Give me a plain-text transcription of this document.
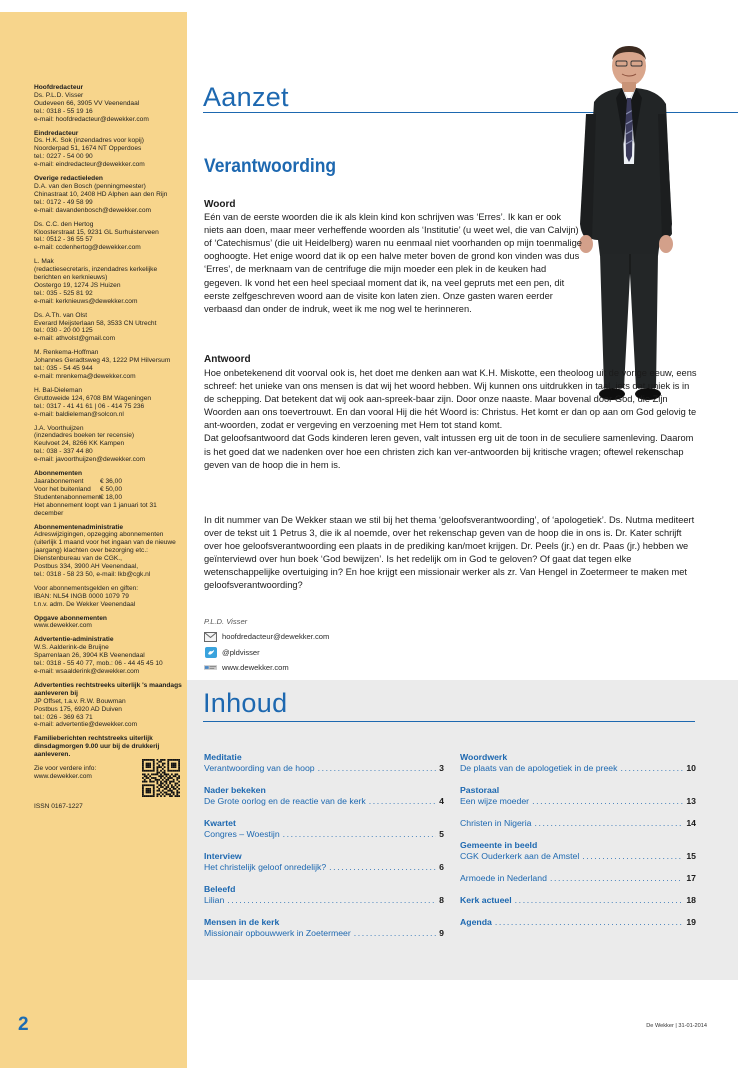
Hoofdredacteur
Ds. P.L.D. Visser
Oudeveen 66, 3905 VV Veenendaal
tel.: 0318 - 55 19 16
e-mail: hoofdredacteur@dewekker.com
Eindredacteur
Ds. H.K. Sok (inzendadres voor kopij)
Noorderpad 51, 1674 NT Opperdoes
tel.: 0227 - 54 00 90
e-mail: eindredacteur@dewekker.com
Overige redactieleden
D.A. van den Bosch (penningmeester)
Chinastraat 10, 2408 HD Alphen aan den Rijn
tel.: 0172 - 49 58 99
e-mail: davandenbosch@dewekker.com
Ds. C.C. den Hertog
Kloosterstraat 15, 9231 GL Surhuisterveen
tel.: 0512 - 36 55 57
e-mail: ccdenhertog@dewekker.com
L. Mak
(redactiesecretaris, inzendadres kerkelijke berichten en kerknieuws)
Oostergo 19, 1274 JS Huizen
tel.: 035 - 525 81 92
e-mail: kerknieuws@dewekker.com
Ds. A.Th. van Olst
Everard Meijsterlaan 58, 3533 CN Utrecht
tel.: 030 - 20 00 125
e-mail: athvolst@gmail.com
M. Renkema-Hoffman
Johannes Geradtsweg 43, 1222 PM Hilversum
tel.: 035 - 54 45 944
e-mail: mrenkema@dewekker.com
H. Bal-Dieleman
Gruttoweide 124, 6708 BM Wageningen
tel.: 0317 - 41 41 61 | 06 - 414 75 236
e-mail: baldieleman@solcon.nl
J.A. Voorthuijzen
(inzendadres boeken ter recensie)
Keulvoet 24, 8266 KK Kampen
tel.: 038 - 337 44 80
e-mail: javoorthuijzen@dewekker.com
Abonnementen
Jaarabonnement	€ 36,00
Voor het buitenland	€ 50,00
Studentenabonnement € 18,00
Het abonnement loopt van 1 januari tot 31 december
Abonnementenadministratie
Adreswijzigingen, opzegging abonnementen (uiterlijk 1 maand voor het ingaan van de nieuwe jaargang) klachten over bezorging etc.:
Dienstenbureau van de CGK.,
Postbus 334, 3900 AH Veenendaal,
tel.: 0318 - 58 23 50, e-mail: lkb@cgk.nl
Voor abonnementsgelden en giften:
IBAN: NL54 INGB 0000 1079 79
t.n.v. adm. De Wekker Veenendaal
Opgave abonnementen
www.dewekker.com
Advertentie-administratie
W.S. Aalderink-de Bruijne
Sparrenlaan 26, 3904 KB Veenendaal
tel.: 0318 - 55 40 77, mob.: 06 - 44 45 45 10
e-mail: wsaalderink@dewekker.com
Advertenties rechtstreeks uiterlijk 's maandags aanleveren bij
JP Offset, t.a.v. R.W. Bouwman
Postbus 175, 6920 AD Duiven
tel.: 026 - 369 63 71
e-mail: advertentie@dewekker.com
Familieberichten rechtstreeks uiterlijk dinsdagmorgen 9.00 uur bij de drukkerij aanleveren.
Zie voor verdere info:
www.dewekker.com
ISSN 0167-1227
2
Aanzet
Verantwoording

Woord

Eén van de eerste woorden die ik als klein kind kon schrijven was ‘Erres’. Ik kan er ook niets aan doen, maar meer verheffende woorden als ‘Institutie’ (u weet wel, die van Calvijn) of ‘Catechismus’ (die uit Heidelberg) waren nu eenmaal niet voorhanden op mijn toenmalige ooghoogte. Het enige woord dat ik op een halve meter boven de grond kon vinden was dus ‘Erres’, de merknaam van de centrifuge die mijn moeder een plek in de keuken had gegeven. Ik vond het een heel speciaal moment dat ik, na veel gepruts met een pen, dit eerste zelfgeschreven woord aan de visite kon laten zien. Onze gasten waren eerder verbaasd dan onder de indruk, weet ik me nog wel te herinneren.

Antwoord

Hoe onbetekenend dit voorval ook is, het doet me denken aan wat K.H. Miskotte, een theoloog uit de vorige eeuw, eens schreef: het unieke van ons mensen is dat wij het woord hebben. Wij kunnen ons uitdrukken in taal, iets dat uniek is in de schepping. Dat betekent dat wij ook aan-spreek-baar zijn. Door onze naaste. Maar bovenal door God, die Zijn Woorden aan ons toevertrouwt. En dan vooral Hij die hét Woord is: Christus. Het komt er dan op aan om God gelovig te ant-woorden, zodat er vergeving en verzoening met Hem tot stand komt.

Dat geloofsantwoord dat Gods kinderen leren geven, valt intussen erg uit de toon in de seculiere samenleving. Daarom is het goed dat we nadenken over hoe een christen zich kan ver-antwoorden bij kritische vragen; oftewel rekenschap geven van de hoop die in hem is.

In dit nummer van De Wekker staan we stil bij het thema ‘geloofsverantwoording’, of ‘apologetiek’. Ds. Nutma mediteert over de tekst uit 1 Petrus 3, die ik al noemde, over het rekenschap geven van de hoop die in ons is. Dr. Kater schrijft over hoe geloofsverantwoording een plaats in de prediking kan/moet krijgen. Dr. Peels (jr.) en dr. Paas (jr.) hebben we geïnterviewd over hun boek ‘God bewijzen’. Is het redelijk om in God te geloven? Of gaat dat tegen elke wetenschappelijke overtuiging in? En hoe krijgt een missionair werker als zr. Van Hengel in Zoetermeer te maken met geloofsverantwoording?

P.L.D. Visser
hoofdredacteur@dewekker.com
@pldvisser
www.dewekker.com
Inhoud
Meditatie
Verantwoording van de hoop .....	3
Nader bekeken
De Grote oorlog en de reactie van de kerk .....	4
Kwartet
Congres – Woestijn .....	5
Interview
Het christelijk geloof onredelijk? .....	6
Beleefd
Lilian .....	8
Mensen in de kerk
Missionair opbouwwerk in Zoetermeer .....	9
Woordwerk
De plaats van de apologetiek in de preek .....	10
Pastoraal
Een wijze moeder .....	13
Christen in Nigeria .....	14
Gemeente in beeld
CGK Ouderkerk aan de Amstel .....	15
Armoede in Nederland .....	17
Kerk actueel .....	18
Agenda .....	19
De Wekker | 31-01-2014
